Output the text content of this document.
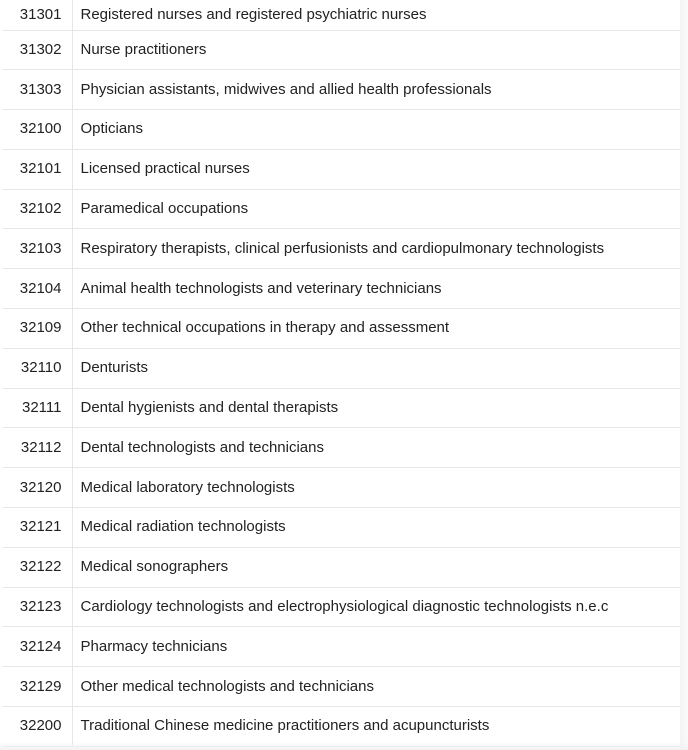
31301	Registered nurses and registered psychiatric nurses
31302	Nurse practitioners
31303	Physician assistants, midwives and allied health professionals
32100	Opticians
32101	Licensed practical nurses
32102	Paramedical occupations
32103	Respiratory therapists, clinical perfusionists and cardiopulmonary technologists
32104	Animal health technologists and veterinary technicians
32109	Other technical occupations in therapy and assessment
32110	Denturists
32111	Dental hygienists and dental therapists
32112	Dental technologists and technicians
32120	Medical laboratory technologists
32121	Medical radiation technologists
32122	Medical sonographers
32123	Cardiology technologists and electrophysiological diagnostic technologists n.e.c
32124	Pharmacy technicians
32129	Other medical technologists and technicians
32200	Traditional Chinese medicine practitioners and acupuncturists
